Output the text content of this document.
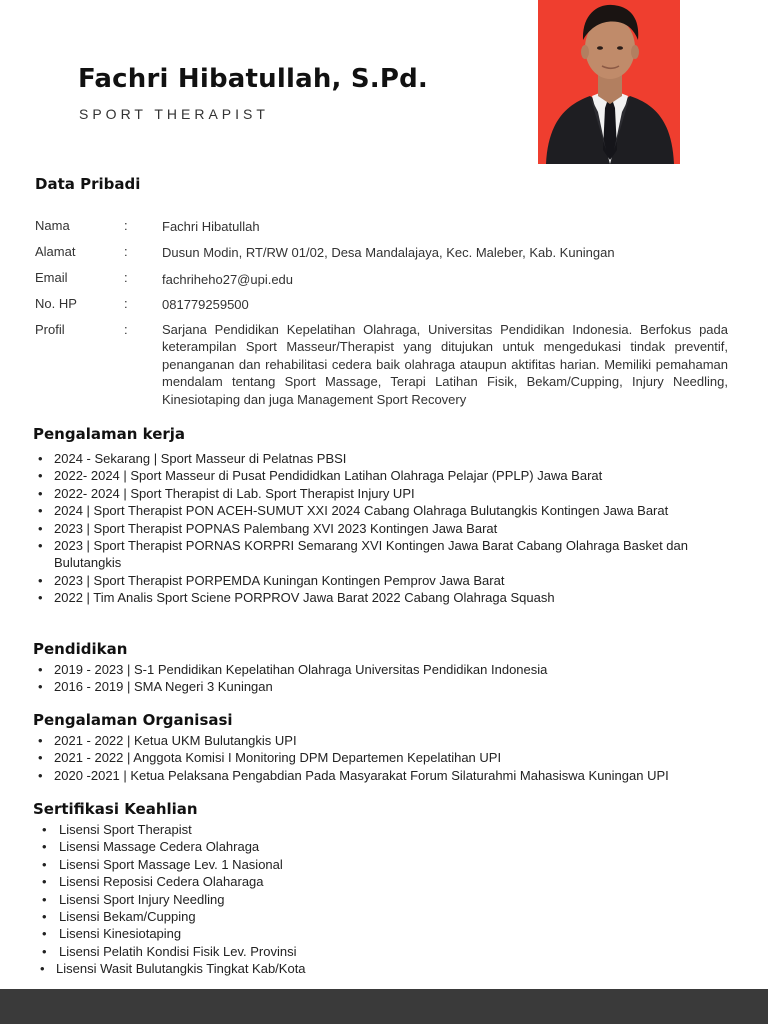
Fachri Hibatullah, S.Pd.
SPORT THERAPIST
Data Pribadi
Nama	:	Fachri Hibatullah
Alamat	:	Dusun Modin, RT/RW 01/02, Desa Mandalajaya, Kec. Maleber, Kab. Kuningan
Email	:	fachriheho27@upi.edu
No. HP	:	081779259500
Profil	:	Sarjana Pendidikan Kepelatihan Olahraga, Universitas Pendidikan Indonesia. Berfokus pada keterampilan Sport Masseur/Therapist yang ditujukan untuk mengedukasi tindak preventif, penanganan dan rehabilitasi cedera baik olahraga ataupun aktifitas harian. Memiliki pemahaman mendalam tentang Sport Massage, Terapi Latihan Fisik, Bekam/Cupping, Injury Needling, Kinesiotaping dan juga Management Sport Recovery

Pengalaman kerja
• 2024 - Sekarang | Sport Masseur di Pelatnas PBSI
• 2022- 2024 | Sport Masseur di Pusat Pendididkan Latihan Olahraga Pelajar (PPLP) Jawa Barat
• 2022- 2024 | Sport Therapist di Lab. Sport Therapist Injury UPI
• 2024 | Sport Therapist PON ACEH-SUMUT XXI 2024 Cabang Olahraga Bulutangkis Kontingen Jawa Barat
• 2023 | Sport Therapist POPNAS Palembang XVI 2023 Kontingen Jawa Barat
• 2023 | Sport Therapist PORNAS KORPRI Semarang XVI Kontingen Jawa Barat Cabang Olahraga Basket dan Bulutangkis
• 2023 | Sport Therapist PORPEMDA Kuningan Kontingen Pemprov Jawa Barat
• 2022 | Tim Analis Sport Sciene PORPROV Jawa Barat 2022 Cabang Olahraga Squash
Pendidikan
• 2019 - 2023 | S-1 Pendidikan Kepelatihan Olahraga Universitas Pendidikan Indonesia
• 2016 - 2019 | SMA Negeri 3 Kuningan
Pengalaman Organisasi
• 2021 - 2022 | Ketua UKM Bulutangkis UPI
• 2021 - 2022 | Anggota Komisi I Monitoring DPM Departemen Kepelatihan UPI
• 2020 -2021 | Ketua Pelaksana Pengabdian Pada Masyarakat Forum Silaturahmi Mahasiswa Kuningan UPI
Sertifikasi Keahlian
• Lisensi Sport Therapist
• Lisensi Massage Cedera Olahraga
• Lisensi Sport Massage Lev. 1 Nasional
• Lisensi Reposisi Cedera Olaharaga
• Lisensi Sport Injury Needling
• Lisensi Bekam/Cupping
• Lisensi Kinesiotaping
• Lisensi Pelatih Kondisi Fisik Lev. Provinsi
• Lisensi Wasit Bulutangkis Tingkat Kab/Kota
